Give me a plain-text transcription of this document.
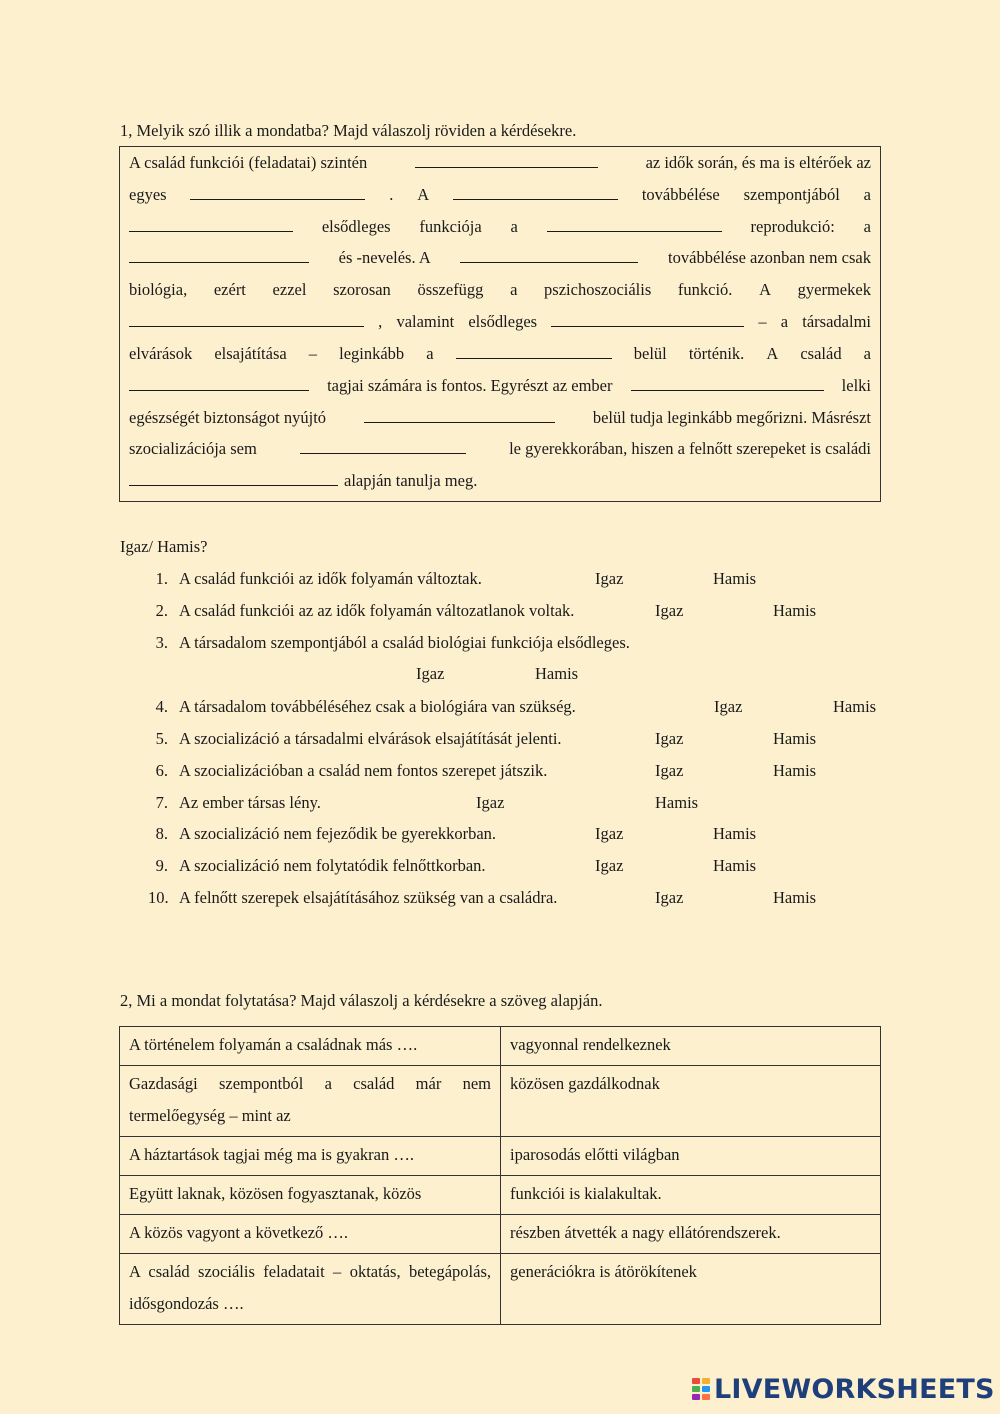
1, Melyik szó illik a mondatba? Majd válaszolj röviden a kérdésekre.
A család funkciói (feladatai) szintén	az idők során, és ma is eltérőek az
egyes	. A	továbbélése szempontjából a
elsődleges funkciója a	reprodukció: a
és -nevelés. A	továbbélése azonban nem csak
biológia, ezért ezzel szorosan összefügg a pszichoszociális funkció. A gyermekek
, valamint elsődleges	– a társadalmi
elvárások elsajátítása – leginkább a	belül történik. A család a
tagjai számára is fontos. Egyrészt az ember	lelki
egészségét biztonságot nyújtó	belül tudja leginkább megőrizni. Másrészt
szocializációja sem	le gyerekkorában, hiszen a felnőtt szerepeket is családi
alapján tanulja meg.
Igaz/ Hamis?
1. A család funkciói az idők folyamán változtak.	Igaz	Hamis
2. A család funkciói az az idők folyamán változatlanok voltak.	Igaz	Hamis
3. A társadalom szempontjából a család biológiai funkciója elsődleges.
Igaz	Hamis
4. A társadalom továbbéléséhez csak a biológiára van szükség.	Igaz	Hamis
5. A szocializáció a társadalmi elvárások elsajátítását jelenti.	Igaz	Hamis
6. A szocializációban a család nem fontos szerepet játszik.	Igaz	Hamis
7. Az ember társas lény.	Igaz	Hamis
8. A szocializáció nem fejeződik be gyerekkorban.	Igaz	Hamis
9. A szocializáció nem folytatódik felnőttkorban.	Igaz	Hamis
10. A felnőtt szerepek elsajátításához szükség van a családra.	Igaz	Hamis
2, Mi a mondat folytatása? Majd válaszolj a kérdésekre a szöveg alapján.
A történelem folyamán a családnak más ….	vagyonnal rendelkeznek
Gazdasági szempontból a család már nem termelőegység – mint az	közösen gazdálkodnak
A háztartások tagjai még ma is gyakran ….	iparosodás előtti világban
Együtt laknak, közösen fogyasztanak, közös	funkciói is kialakultak.
A közös vagyont a következő ….	részben átvették a nagy ellátórendszerek.
A család szociális feladatait – oktatás, betegápolás, idősgondozás ….	generációkra is átörökítenek
LIVEWORKSHEETS
